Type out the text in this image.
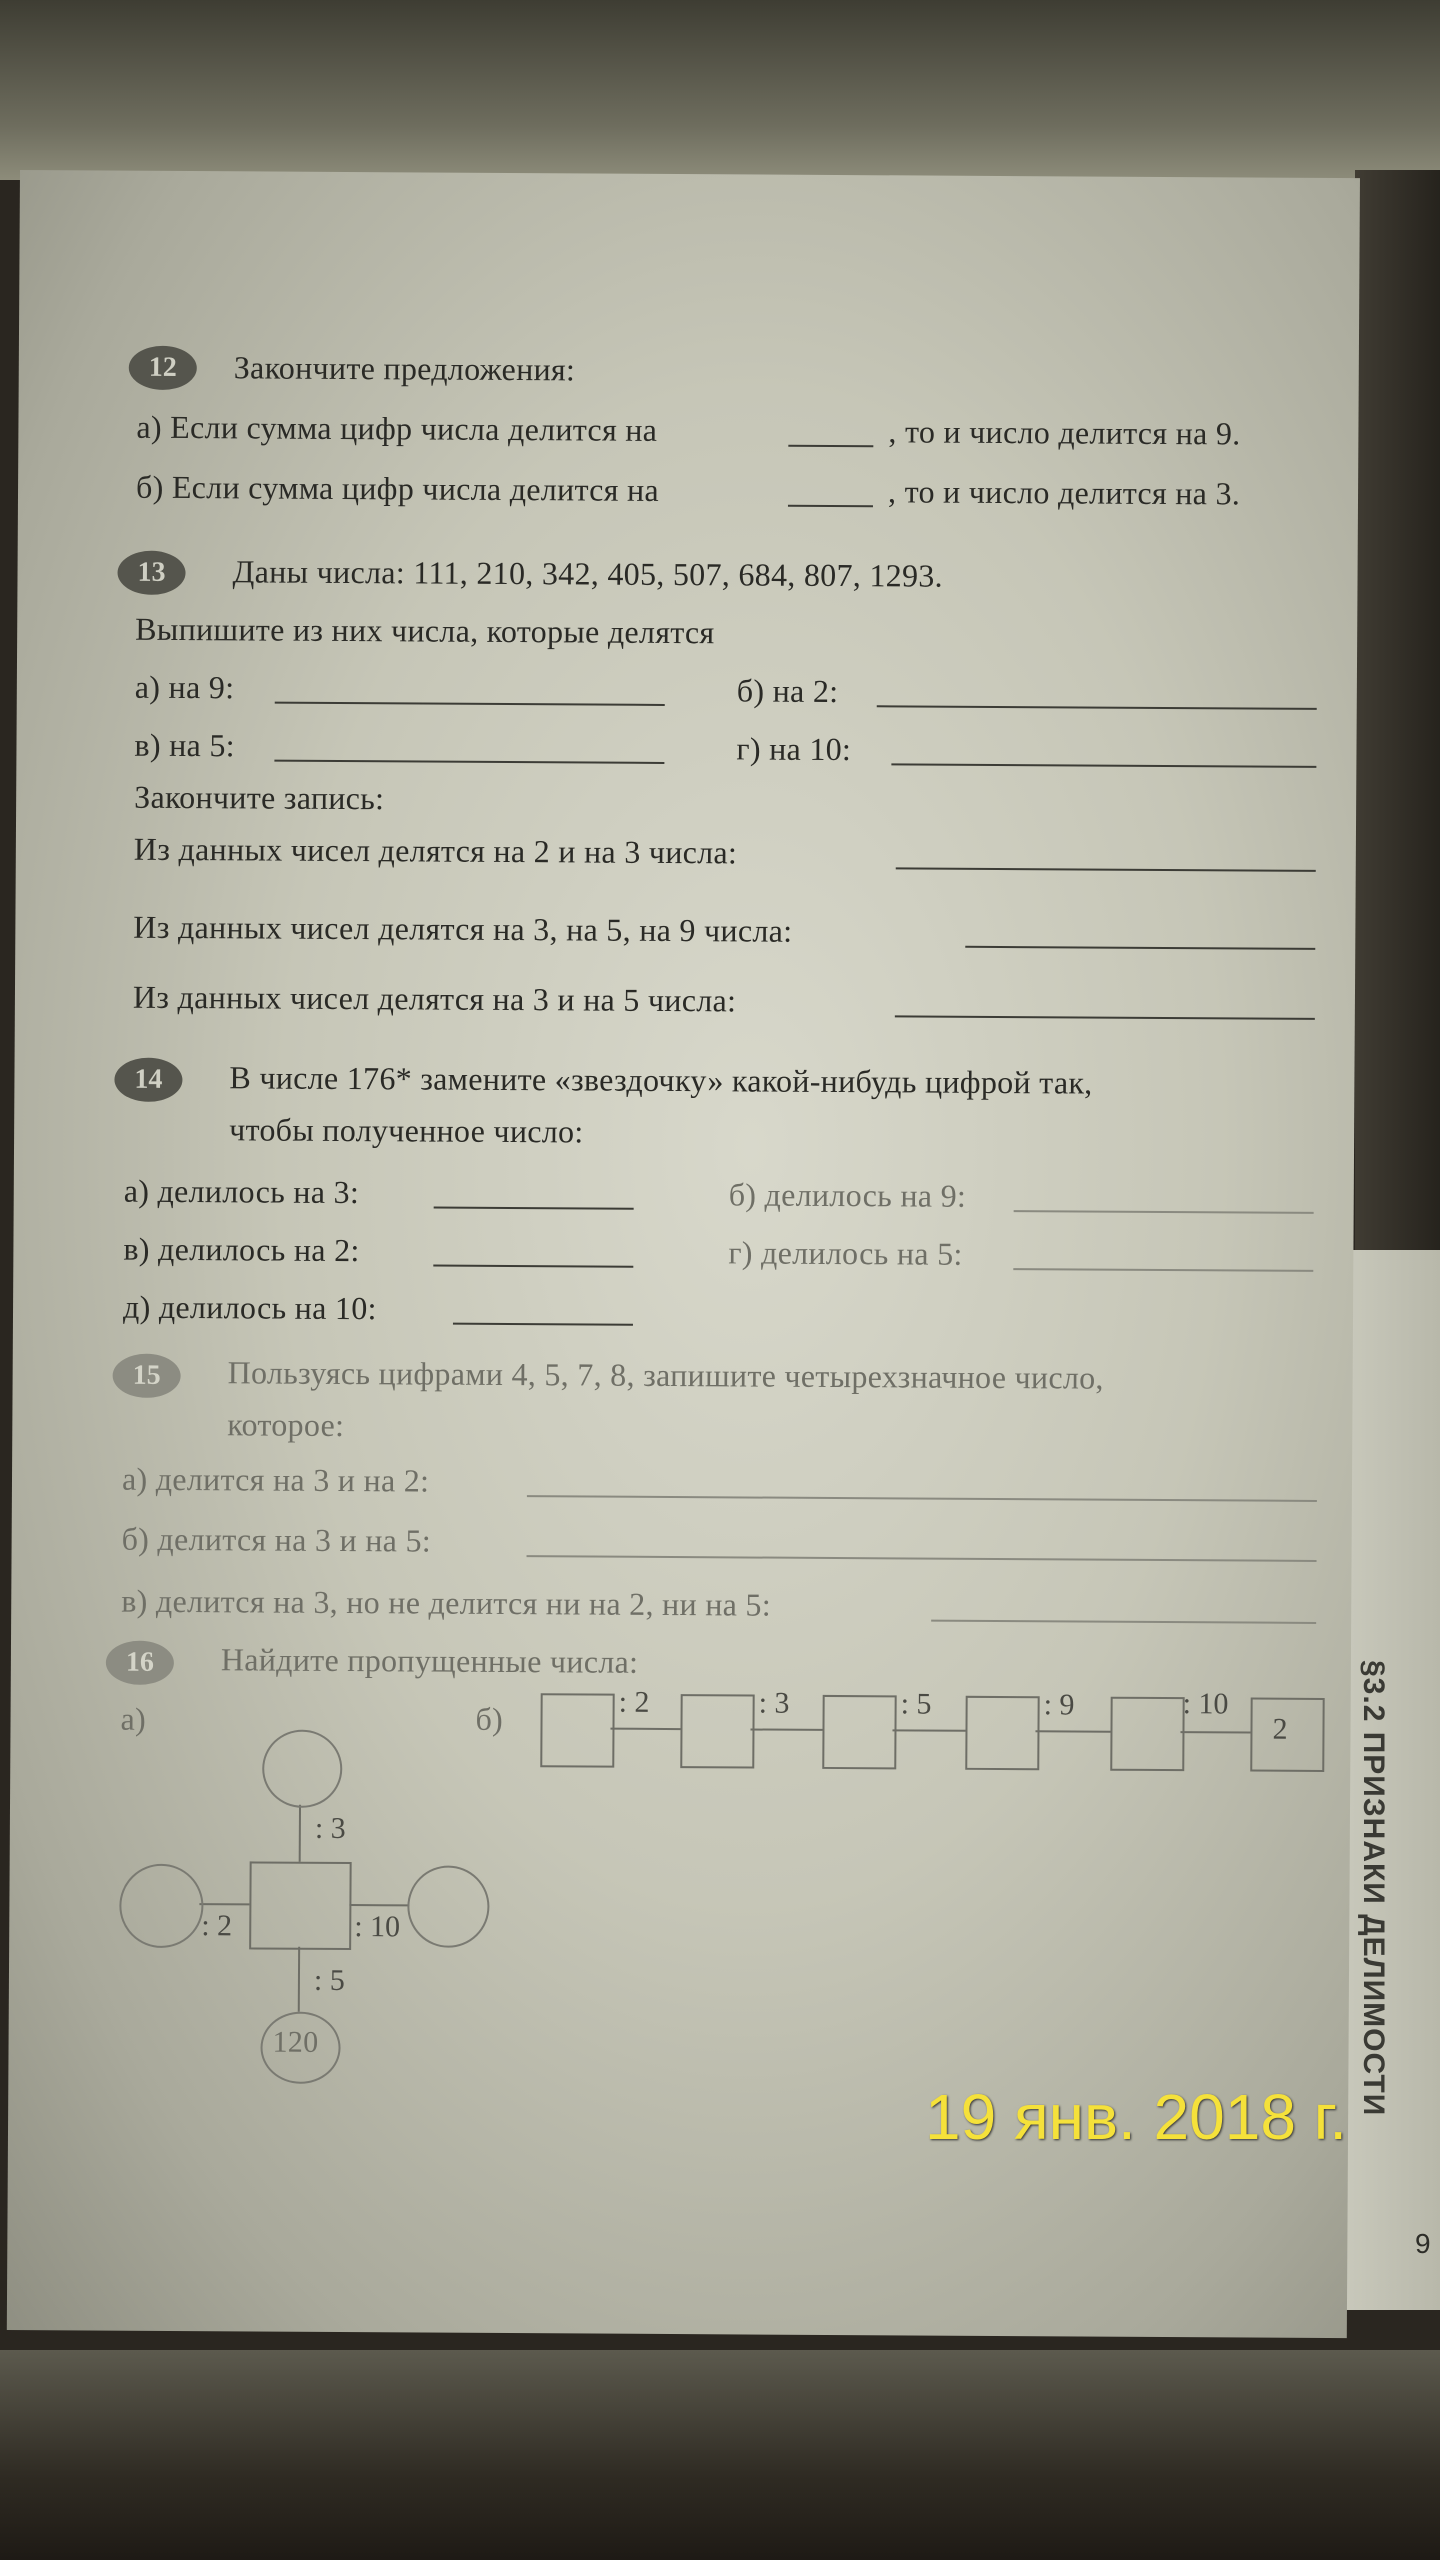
12	Закончите предложения:
а) Если сумма цифр числа делится на	, то и число делится на 9.
б) Если сумма цифр числа делится на	, то и число делится на 3.
13	Даны числа: 111, 210, 342, 405, 507, 684, 807, 1293.
Выпишите из них числа, которые делятся
а) на 9:	б) на 2:
в) на 5:	г) на 10:
Закончите запись:
Из данных чисел делятся на 2 и на 3 числа:
Из данных чисел делятся на 3, на 5, на 9 числа:
Из данных чисел делятся на 3 и на 5 числа:
14	В числе 176* замените «звездочку» какой-нибудь цифрой так,
чтобы полученное число:
а) делилось на 3:	б) делилось на 9:
в) делилось на 2:	г) делилось на 5:
д) делилось на 10:
15	Пользуясь цифрами 4, 5, 7, 8, запишите четырехзначное число,
которое:
а) делится на 3 и на 2:
б) делится на 3 и на 5:
в) делится на 3, но не делится ни на 2, ни на 5:
16	Найдите пропущенные числа:
а)	б)
120
: 3
: 2	: 10
: 5
2
: 2	: 3	: 5	: 9	: 10	§3.2 ПРИЗНАКИ ДЕЛИМОСТИ
9
19 янв. 2018 г.
